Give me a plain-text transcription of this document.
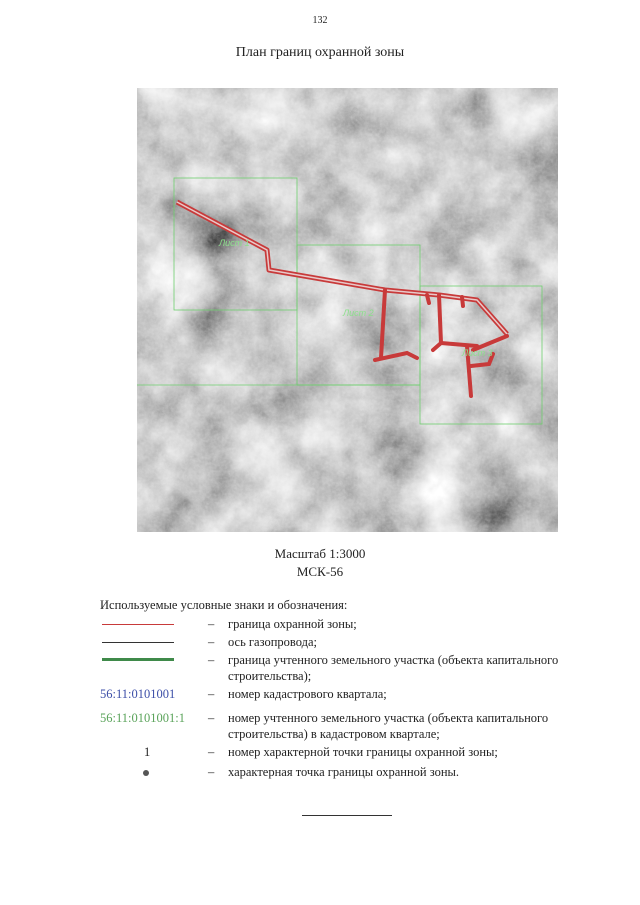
132
План границ охранной зоны
Лист 1
Лист 2
Лист 3
Масштаб 1:3000
МСК-56
Используемые условные знаки и обозначения:
– граница охранной зоны;
– ось газопровода;
– граница учтенного земельного участка (объекта капитального строительства);
56:11:0101001	– номер кадастрового квартала;
56:11:0101001:1	– номер учтенного земельного участка (объекта капитального строительства) в кадастровом квартале;
1	– номер характерной точки границы охранной зоны;
– характерная точка границы охранной зоны.
